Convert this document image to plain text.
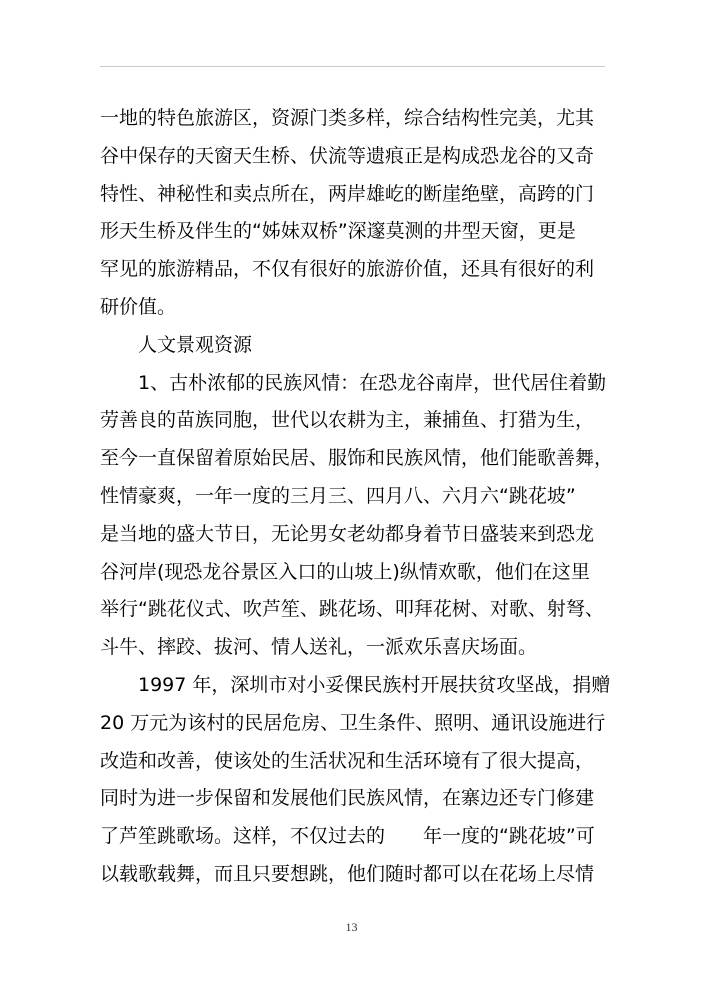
一地的特色旅游区，资源门类多样，综合结构性完美，尤其
谷中保存的天窗天生桥、伏流等遗痕正是构成恐龙谷的又奇
特性、神秘性和卖点所在，两岸雄屹的断崖绝壁，高跨的门
形天生桥及伴生的“姊妹双桥”深邃莫测的井型天窗，更是
罕见的旅游精品，不仅有很好的旅游价值，还具有很好的利
研价值。
人文景观资源
1、古朴浓郁的民族风情：在恐龙谷南岸，世代居住着勤
劳善良的苗族同胞，世代以农耕为主，兼捕鱼、打猎为生，
至今一直保留着原始民居、服饰和民族风情，他们能歌善舞，
性情豪爽，一年一度的三月三、四月八、六月六“跳花坡”
是当地的盛大节日，无论男女老幼都身着节日盛装来到恐龙
谷河岸(现恐龙谷景区入口的山坡上)纵情欢歌，他们在这里
举行“跳花仪式、吹芦笙、跳花场、叩拜花树、对歌、射弩、
斗牛、摔跤、拔河、情人送礼，一派欢乐喜庆场面。
1997 年，深圳市对小妥倮民族村开展扶贫攻坚战，捐赠
20 万元为该村的民居危房、卫生条件、照明、通讯设施进行
改造和改善，使该处的生活状况和生活环境有了很大提高，
同时为进一步保留和发展他们民族风情，在寨边还专门修建
了芦笙跳歌场。这样，不仅过去的　　年一度的“跳花坡”可
以载歌载舞，而且只要想跳，他们随时都可以在花场上尽情
13
